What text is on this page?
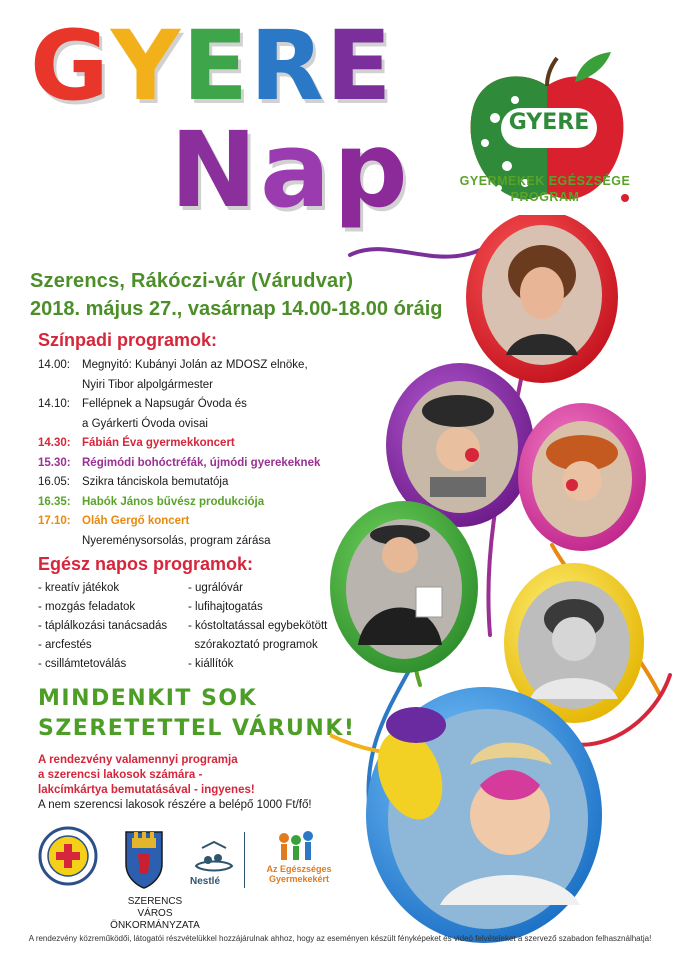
GYERE
Nap	GYERE
GYERMEKEK EGÉSZSÉGE
PROGRAM
Szerencs, Rákóczi-vár (Várudvar)
2018. május 27., vasárnap 14.00-18.00 óráig
Színpadi programok:
14.00:	Megnyitó: Kubányi Jolán az MDOSZ elnöke,
Nyiri Tibor alpolgármester
14.10:	Fellépnek a Napsugár Óvoda és
a Gyárkerti Óvoda ovisai
14.30: Fábián Éva gyermekkoncert
15.30: Régimódi bohóctréfák, újmódi gyerekeknek
16.05:	Szikra tánciskola bemutatója
16.35: Habók János bűvész produkciója
17.10: Oláh Gergő koncert
Nyereménysorsolás, program zárása
Egész napos programok:
- kreatív játékok
- mozgás feladatok
- táplálkozási tanácsadás
- arcfestés
- csillámtetoválás
- ugrálóvár
- lufihajtogatás
- kóstoltatással egybekötött
szórakoztató programok
- kiállítók
MINDENKIT SOK
SZERETETTEL VÁRUNK!
A rendezvény valamennyi programja
a szerencsi lakosok számára -
lakcímkártya bemutatásával - ingyenes!
A nem szerencsi lakosok részére a belépő 1000 Ft/fő!
SZERENCS VÁROS
ÖNKORMÁNYZATA
Nestlé
Az Egészséges
Gyermekekért
A rendezvény közreműködői, látogatói részvételükkel hozzájárulnak ahhoz, hogy az eseményen készült fényképeket és videó felvételeket a szervező szabadon felhasználhatja!
